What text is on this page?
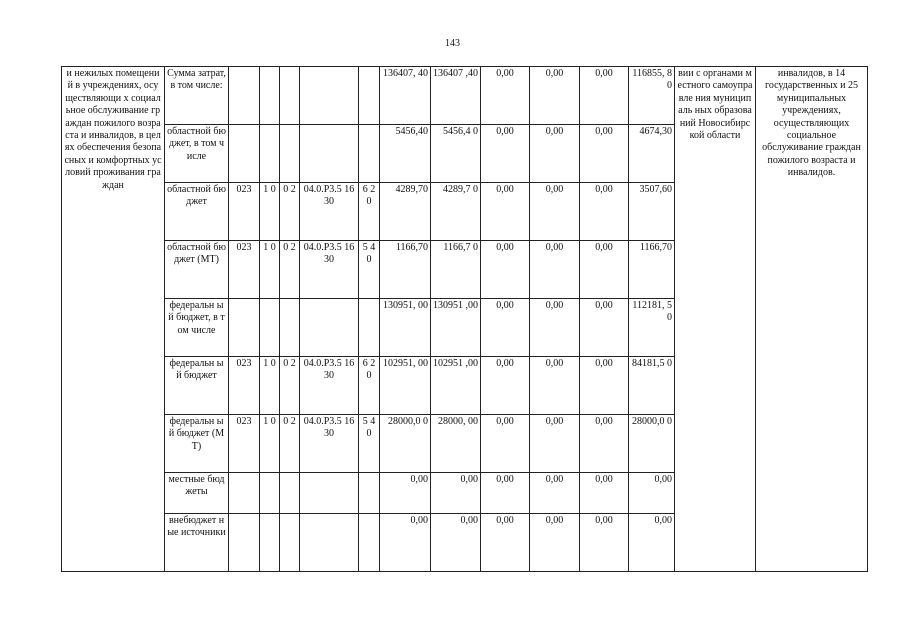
143
и нежилых помещений в учреждениях, осуществляющи х социальное обслуживание граждан пожилого возраста и инвалидов, в целях обеспечения безопасных и комфортных условий проживания граждан	Сумма затрат, в том числе:						136407, 40	136407 ,40	0,00	0,00	0,00	116855, 80	вии с органами местного самоуправле ния муниципаль ных образований Новосибирс кой области	инвалидов, в 14 государственных и 25 муниципальных учреждениях, осуществляющих социальное обслуживание граждан пожилого возраста и инвалидов.
	областной бюджет, в том числе						5456,40	5456,4 0	0,00	0,00	0,00	4674,30		
	областной бюджет	023	1 0	0 2	04.0.Р3.5 1630	6 2 0	4289,70	4289,7 0	0,00	0,00	0,00	3507,60		
	областной бюджет (МТ)	023	1 0	0 2	04.0.Р3.5 1630	5 4 0	1166,70	1166,7 0	0,00	0,00	0,00	1166,70		
	федеральн ый бюджет, в том числе						130951, 00	130951 ,00	0,00	0,00	0,00	112181, 50		
	федеральн ый бюджет	023	1 0	0 2	04.0.Р3.5 1630	6 2 0	102951, 00	102951 ,00	0,00	0,00	0,00	84181,5 0		
	федеральн ый бюджет (МТ)	023	1 0	0 2	04.0.Р3.5 1630	5 4 0	28000,0 0	28000, 00	0,00	0,00	0,00	28000,0 0		
	местные бюджеты						0,00	0,00	0,00	0,00	0,00	0,00		
	внебюджет ные источники						0,00	0,00	0,00	0,00	0,00	0,00		
